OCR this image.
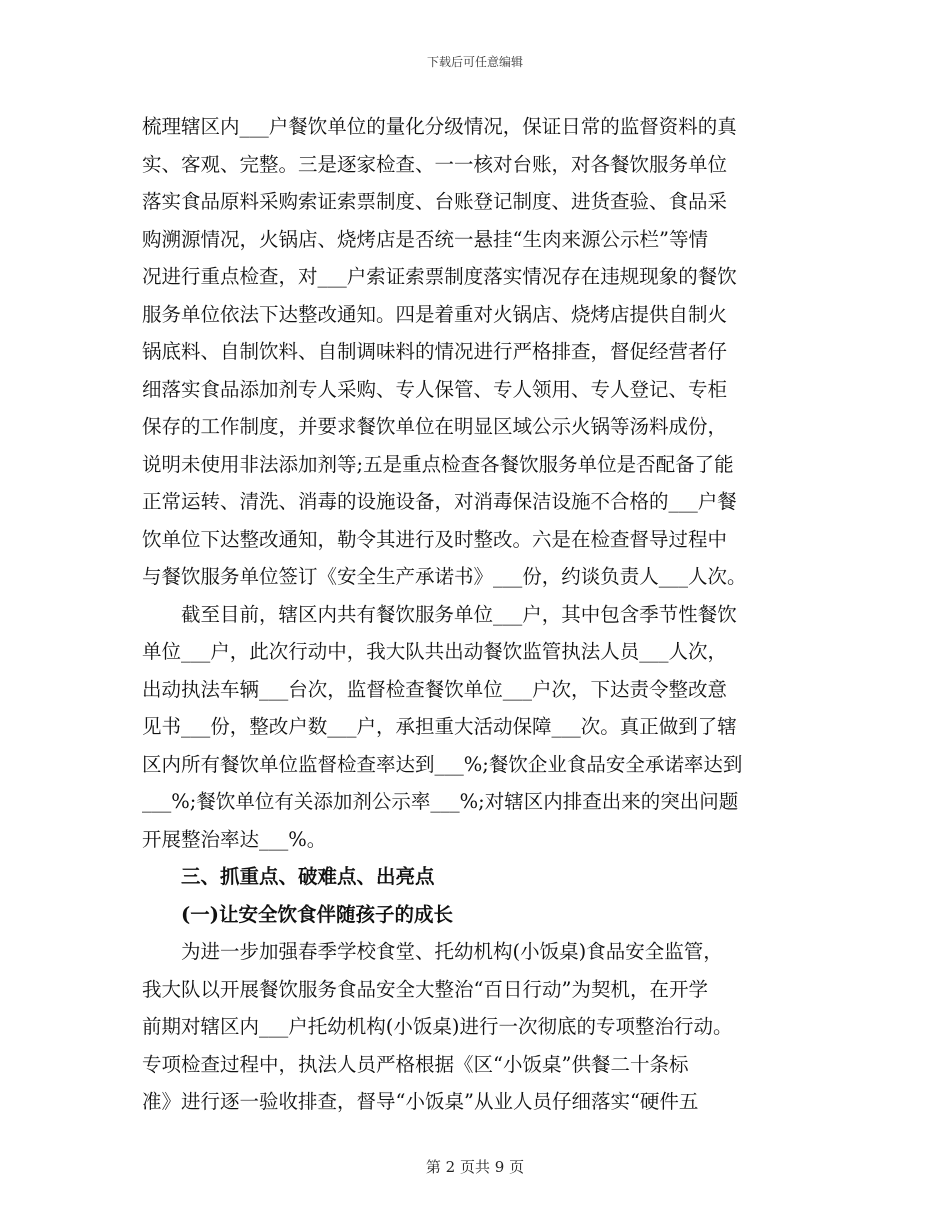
下载后可任意编辑
梳理辖区内___户餐饮单位的量化分级情况，保证日常的监督资料的真
实、客观、完整。三是逐家检查、一一核对台账，对各餐饮服务单位
落实食品原料采购索证索票制度、台账登记制度、进货查验、食品采
购溯源情况，火锅店、烧烤店是否统一悬挂“生肉来源公示栏”等情
况进行重点检查，对___户索证索票制度落实情况存在违规现象的餐饮
服务单位依法下达整改通知。四是着重对火锅店、烧烤店提供自制火
锅底料、自制饮料、自制调味料的情况进行严格排查，督促经营者仔
细落实食品添加剂专人采购、专人保管、专人领用、专人登记、专柜
保存的工作制度，并要求餐饮单位在明显区域公示火锅等汤料成份，
说明未使用非法添加剂等;五是重点检查各餐饮服务单位是否配备了能
正常运转、清洗、消毒的设施设备，对消毒保洁设施不合格的___户餐
饮单位下达整改通知，勒令其进行及时整改。六是在检查督导过程中
与餐饮服务单位签订《安全生产承诺书》___份，约谈负责人___人次。
截至目前，辖区内共有餐饮服务单位___户，其中包含季节性餐饮
单位___户，此次行动中，我大队共出动餐饮监管执法人员___人次，
出动执法车辆___台次，监督检查餐饮单位___户次，下达责令整改意
见书___份，整改户数___户，承担重大活动保障___次。真正做到了辖
区内所有餐饮单位监督检查率达到___%;餐饮企业食品安全承诺率达到
___%;餐饮单位有关添加剂公示率___%;对辖区内排查出来的突出问题
开展整治率达___%。
三、抓重点、破难点、出亮点
(一)让安全饮食伴随孩子的成长
为进一步加强春季学校食堂、托幼机构(小饭桌)食品安全监管，
我大队以开展餐饮服务食品安全大整治“百日行动”为契机，在开学
前期对辖区内___户托幼机构(小饭桌)进行一次彻底的专项整治行动。
专项检查过程中，执法人员严格根据《区“小饭桌”供餐二十条标
准》进行逐一验收排查，督导“小饭桌”从业人员仔细落实“硬件五
第 2 页共 9 页
